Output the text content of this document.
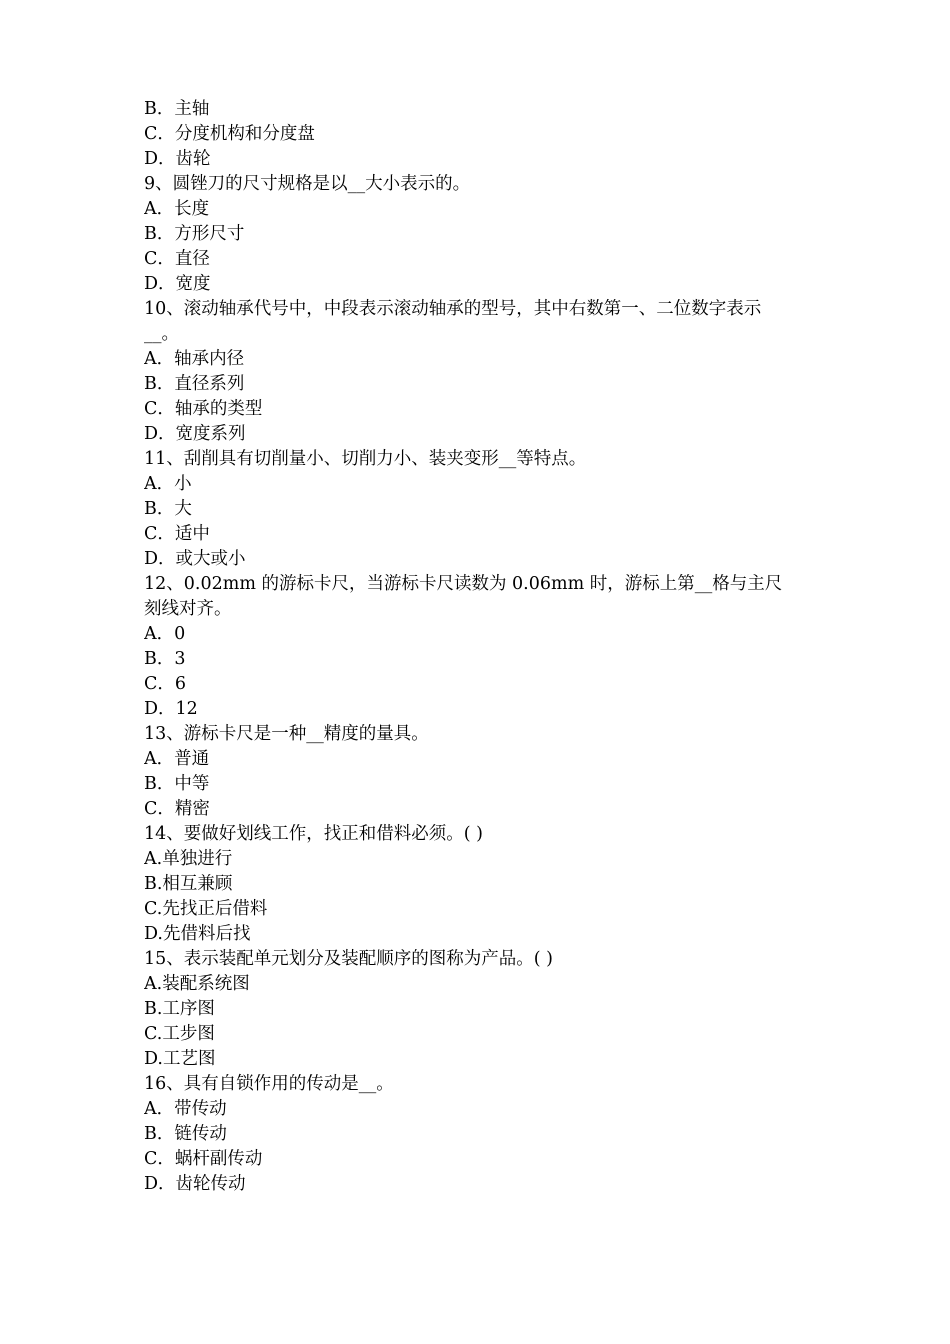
B．主轴
C．分度机构和分度盘
D．齿轮
9、圆锉刀的尺寸规格是以__大小表示的。
A．长度
B．方形尺寸
C．直径
D．宽度
10、滚动轴承代号中，中段表示滚动轴承的型号，其中右数第一、二位数字表示
__。
A．轴承内径
B．直径系列
C．轴承的类型
D．宽度系列
11、刮削具有切削量小、切削力小、装夹变形__等特点。
A．小
B．大
C．适中
D．或大或小
12、0.02mm 的游标卡尺，当游标卡尺读数为 0.06mm 时，游标上第__格与主尺
刻线对齐。
A．0
B．3
C．6
D．12
13、游标卡尺是一种__精度的量具。
A．普通
B．中等
C．精密
14、要做好划线工作，找正和借料必须。( )
A.单独进行
B.相互兼顾
C.先找正后借料
D.先借料后找
15、表示装配单元划分及装配顺序的图称为产品。( )
A.装配系统图
B.工序图
C.工步图
D.工艺图
16、具有自锁作用的传动是__。
A．带传动
B．链传动
C．蜗杆副传动
D．齿轮传动
